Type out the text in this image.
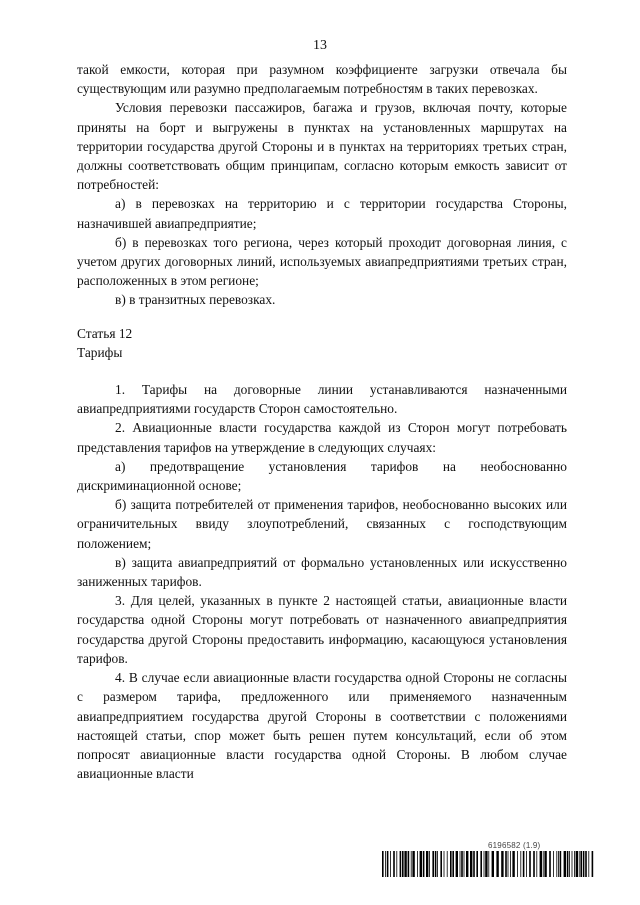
13

такой емкости, которая при разумном коэффициенте загрузки отвечала бы существующим или разумно предполагаемым потребностям в таких перевозках.

Условия перевозки пассажиров, багажа и грузов, включая почту, которые приняты на борт и выгружены в пунктах на установленных маршрутах на территории государства другой Стороны и в пунктах на территориях третьих стран, должны соответствовать общим принципам, согласно которым емкость зависит от потребностей:

а) в перевозках на территорию и с территории государства Стороны, назначившей авиапредприятие;

б) в перевозках того региона, через который проходит договорная линия, с учетом других договорных линий, используемых авиапредприятиями третьих стран, расположенных в этом регионе;

в) в транзитных перевозках.

Статья 12

Тарифы

1. Тарифы на договорные линии устанавливаются назначенными авиапредприятиями государств Сторон самостоятельно.

2. Авиационные власти государства каждой из Сторон могут потребовать представления тарифов на утверждение в следующих случаях:

а) предотвращение установления тарифов на необоснованно дискриминационной основе;

б) защита потребителей от применения тарифов, необоснованно высоких или ограничительных ввиду злоупотреблений, связанных с господствующим положением;

в) защита авиапредприятий от формально установленных или искусственно заниженных тарифов.

3. Для целей, указанных в пункте 2 настоящей статьи, авиационные власти государства одной Стороны могут потребовать от назначенного авиапредприятия государства другой Стороны предоставить информацию, касающуюся установления тарифов.

4. В случае если авиационные власти государства одной Стороны не согласны с размером тарифа, предложенного или применяемого назначенным авиапредприятием государства другой Стороны в соответствии с положениями настоящей статьи, спор может быть решен путем консультаций, если об этом попросят авиационные власти государства одной Стороны. В любом случае авиационные власти

6196582 (1.9)
